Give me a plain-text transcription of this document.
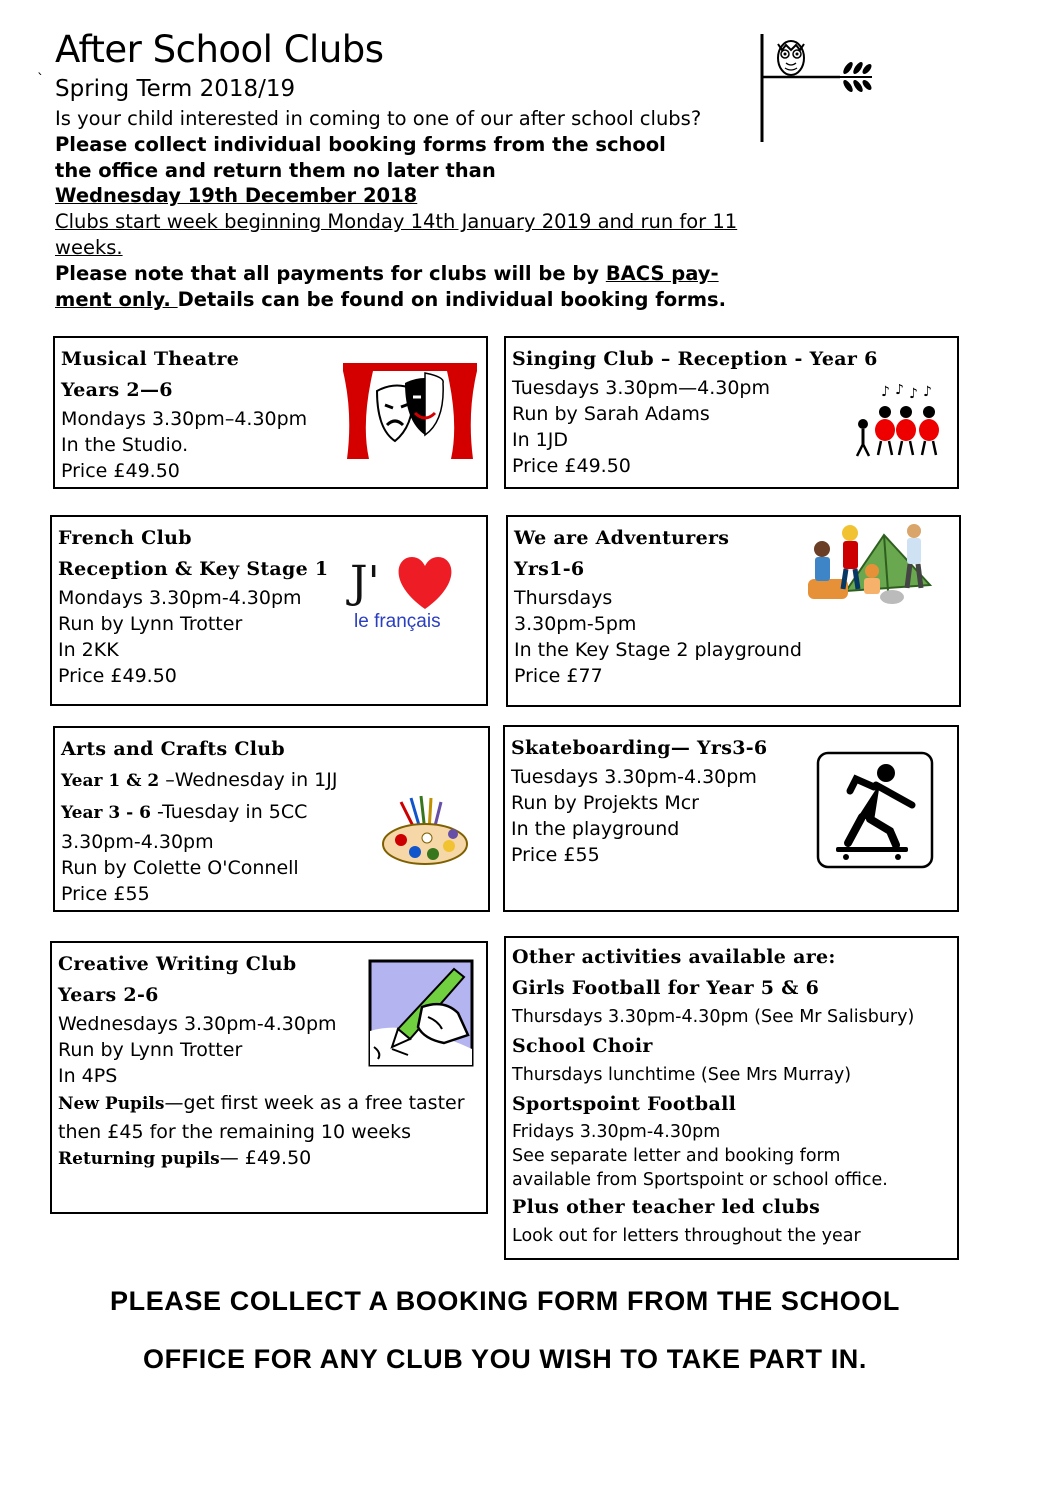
After School Clubs
` Spring Term 2018/19

Is your child interested in coming to one of our after school clubs?

Please collect individual booking forms from the school

the office and return them no later than

Wednesday 19th December 2018

Clubs start week beginning Monday 14th January 2019 and run for 11

weeks.

Please note that all payments for clubs will be by BACS pay-

ment only. Details can be found on individual booking forms.

Musical Theatre
Years 2—6
Mondays 3.30pm–4.30pm
In the Studio.
Price £49.50
Singing Club – Reception - Year 6
Tuesdays 3.30pm—4.30pm
Run by Sarah Adams
In 1JD
Price £49.50
♪ ♪ ♪ ♪
French Club
Reception & Key Stage 1
Mondays 3.30pm-4.30pm
Run by Lynn Trotter
In 2KK
Price £49.50
J'
le français
We are Adventurers
Yrs1-6
Thursdays
3.30pm-5pm
In the Key Stage 2 playground
Price £77
Arts and Crafts Club
Year 1 & 2 –Wednesday in 1JJ
Year 3 - 6 -Tuesday in 5CC
3.30pm-4.30pm
Run by Colette O'Connell
Price £55
Skateboarding— Yrs3-6
Tuesdays 3.30pm-4.30pm
Run by Projekts Mcr
In the playground
Price £55
Creative Writing Club
Years 2-6
Wednesdays 3.30pm-4.30pm
Run by Lynn Trotter
In 4PS
New Pupils—get first week as a free taster
then £45 for the remaining 10 weeks
Returning pupils— £49.50
Other activities available are:
Girls Football for Year 5 & 6
Thursdays 3.30pm-4.30pm (See Mr Salisbury)
School Choir
Thursdays lunchtime (See Mrs Murray)
Sportspoint Football
Fridays 3.30pm-4.30pm
See separate letter and booking form
available from Sportspoint or school office.
Plus other teacher led clubs
Look out for letters throughout the year
PLEASE COLLECT A BOOKING FORM FROM THE SCHOOL
OFFICE FOR ANY CLUB YOU WISH TO TAKE PART IN.
